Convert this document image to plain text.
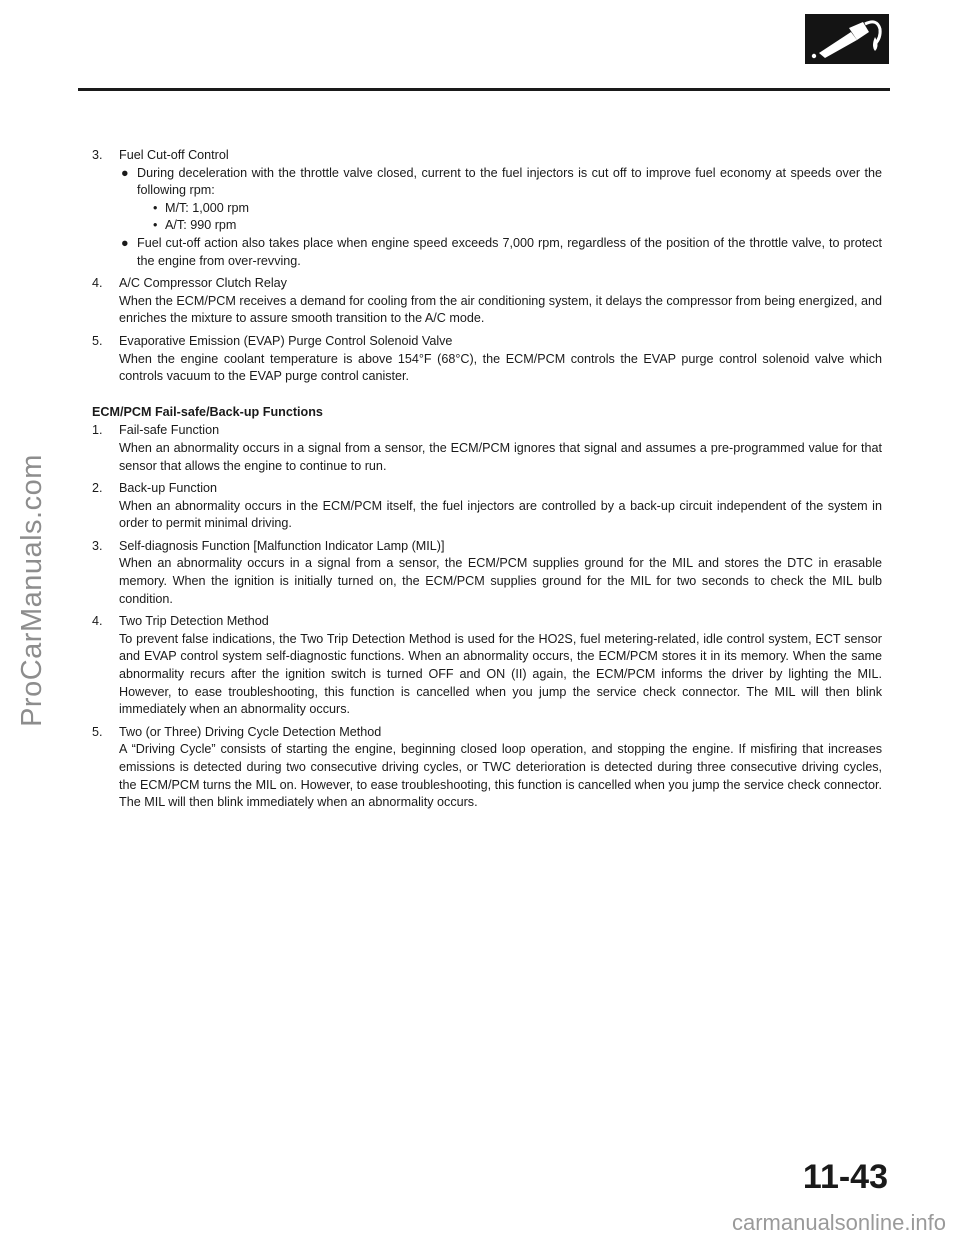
ProCarManuals.com
3.	Fuel Cut-off Control
● During deceleration with the throttle valve closed, current to the fuel injectors is cut off to improve fuel economy at speeds over the following rpm:
• M/T: 1,000 rpm
• A/T: 990 rpm
● Fuel cut-off action also takes place when engine speed exceeds 7,000 rpm, regardless of the position of the throttle valve, to protect the engine from over-revving.
4.	A/C Compressor Clutch Relay
When the ECM/PCM receives a demand for cooling from the air conditioning system, it delays the compressor from being energized, and enriches the mixture to assure smooth transition to the A/C mode.
5.	Evaporative Emission (EVAP) Purge Control Solenoid Valve
When the engine coolant temperature is above 154°F (68°C), the ECM/PCM controls the EVAP purge control solenoid valve which controls vacuum to the EVAP purge control canister.
ECM/PCM Fail-safe/Back-up Functions
1.	Fail-safe Function
When an abnormality occurs in a signal from a sensor, the ECM/PCM ignores that signal and assumes a pre-programmed value for that sensor that allows the engine to continue to run.
2.	Back-up Function
When an abnormality occurs in the ECM/PCM itself, the fuel injectors are controlled by a back-up circuit independent of the system in order to permit minimal driving.
3.	Self-diagnosis Function [Malfunction Indicator Lamp (MIL)]
When an abnormality occurs in a signal from a sensor, the ECM/PCM supplies ground for the MIL and stores the DTC in erasable memory. When the ignition is initially turned on, the ECM/PCM supplies ground for the MIL for two seconds to check the MIL bulb condition.
4.	Two Trip Detection Method
To prevent false indications, the Two Trip Detection Method is used for the HO2S, fuel metering-related, idle control system, ECT sensor and EVAP control system self-diagnostic functions. When an abnormality occurs, the ECM/PCM stores it in its memory. When the same abnormality recurs after the ignition switch is turned OFF and ON (II) again, the ECM/PCM informs the driver by lighting the MIL. However, to ease troubleshooting, this function is cancelled when you jump the service check connector. The MIL will then blink immediately when an abnormality occurs.
5.	Two (or Three) Driving Cycle Detection Method
A “Driving Cycle” consists of starting the engine, beginning closed loop operation, and stopping the engine. If misfiring that increases emissions is detected during two consecutive driving cycles, or TWC deterioration is detected during three consecutive driving cycles, the ECM/PCM turns the MIL on. However, to ease troubleshooting, this function is cancelled when you jump the service check connector. The MIL will then blink immediately when an abnormality occurs.
11-43
carmanualsonline.info
